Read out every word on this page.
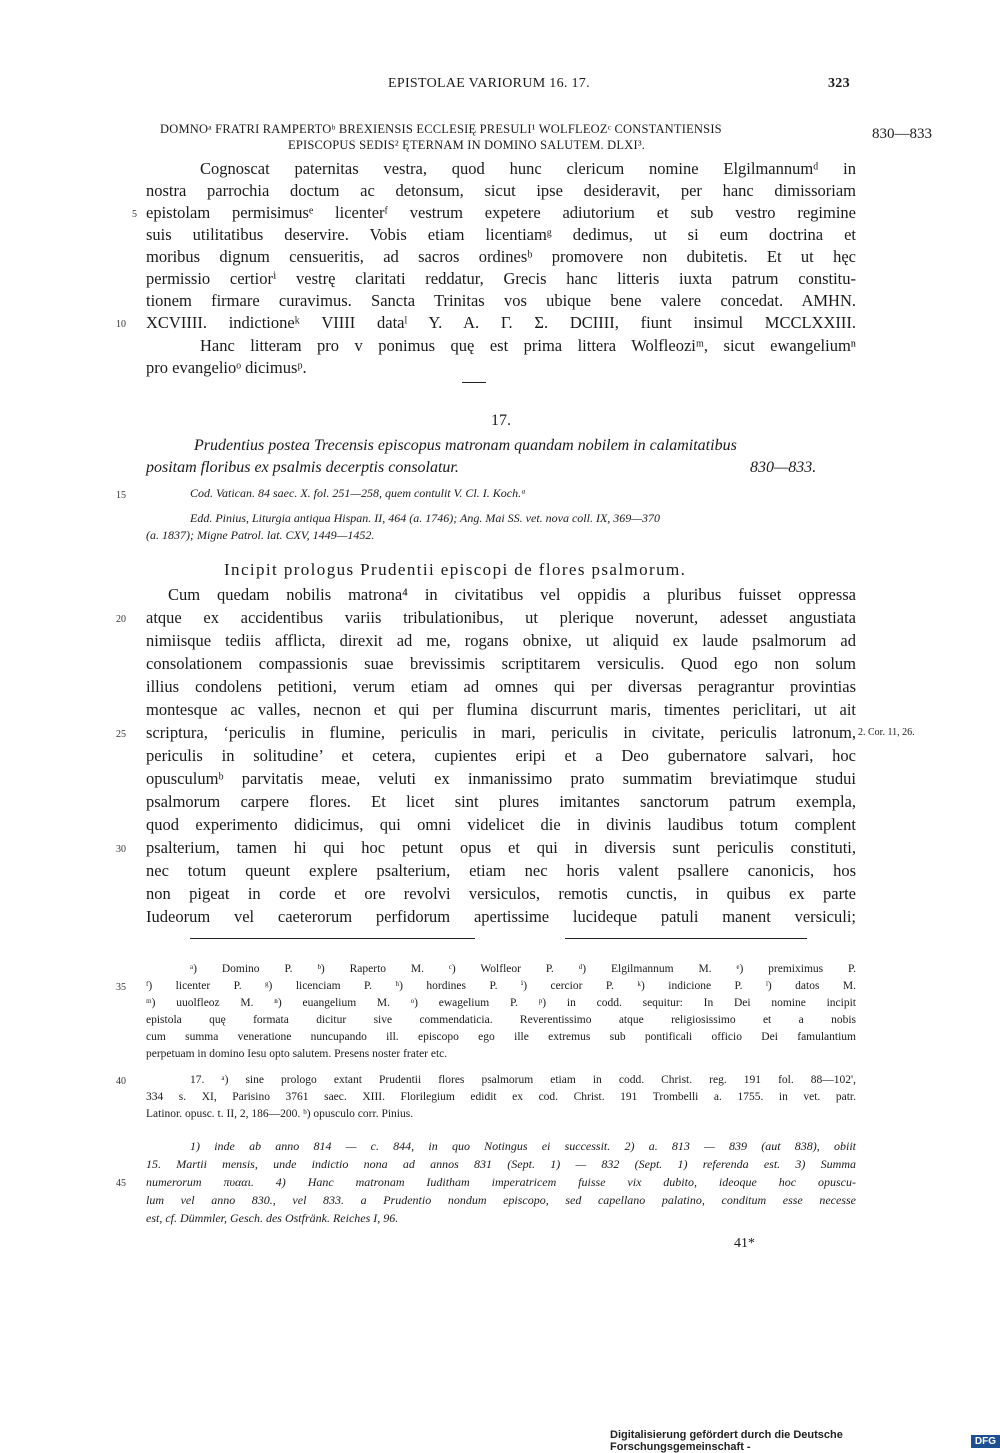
EPISTOLAE VARIORUM 16. 17.	323
DOMNOᵃ FRATRI RAMPERTOᵇ BREXIENSIS ECCLESIĘ PRESULI¹ WOLFLEOZᶜ CONSTANTIENSIS
EPISCOPUS SEDIS² ĘTERNAM IN DOMINO SALUTEM. DLXI³.
830—833
Cognoscat paternitas vestra, quod hunc clericum nomine Elgilmannumᵈ in
nostra parrochia doctum ac detonsum, sicut ipse desideravit, per hanc dimissoriam
epistolam permisimusᵉ licenterᶠ vestrum expetere adiutorium et sub vestro regimine
suis utilitatibus deservire. Vobis etiam licentiamᵍ dedimus, ut si eum doctrina et
moribus dignum censueritis, ad sacros ordinesᵇ promovere non dubitetis. Et ut hęc
permissio certiorⁱ vestrę claritati reddatur, Grecis hanc litteris iuxta patrum constitu-
tionem firmare curavimus. Sancta Trinitas vos ubique bene valere concedat. AMHN.
XCVIIII. indictioneᵏ VIIII dataˡ Y. A. Γ. Σ. DCIIII, fiunt insimul MCCLXXIII.
Hanc litteram pro v ponimus quę est prima littera Wolfleoziᵐ, sicut ewangeliumⁿ
pro evangelioᵒ dicimusᵖ.
5
10
17.
Prudentius postea Trecensis episcopus matronam quandam nobilem in calamitatibus
positam floribus ex psalmis decerptis consolatur.	830—833.
Cod. Vatican. 84 saec. X. fol. 251—258, quem contulit V. Cl. I. Koch.ᵃ
Edd. Pinius, Liturgia antiqua Hispan. II, 464 (a. 1746); Ang. Mai SS. vet. nova coll. IX, 369—370
(a. 1837); Migne Patrol. lat. CXV, 1449—1452.
15
Incipit prologus Prudentii episcopi de flores psalmorum.
Cum quedam nobilis matrona⁴ in civitatibus vel oppidis a pluribus fuisset oppressa
atque ex accidentibus variis tribulationibus, ut plerique noverunt, adesset angustiata
nimiisque tediis afflicta, direxit ad me, rogans obnixe, ut aliquid ex laude psalmorum ad
consolationem compassionis suae brevissimis scriptitarem versiculis. Quod ego non solum
illius condolens petitioni, verum etiam ad omnes qui per diversas peragrantur provintias
montesque ac valles, necnon et qui per flumina discurrunt maris, timentes periclitari, ut ait
scriptura, ‘periculis in flumine, periculis in mari, periculis in civitate, periculis latronum,
periculis in solitudine’ et cetera, cupientes eripi et a Deo gubernatore salvari, hoc
opusculumᵇ parvitatis meae, veluti ex inmanissimo prato summatim breviatimque studui
psalmorum carpere flores. Et licet sint plures imitantes sanctorum patrum exempla,
quod experimento didicimus, qui omni videlicet die in divinis laudibus totum complent
psalterium, tamen hi qui hoc petunt opus et qui in diversis sunt periculis constituti,
nec totum queunt explere psalterium, etiam nec horis valent psallere canonicis, hos
non pigeat in corde et ore revolvi versiculos, remotis cunctis, in quibus ex parte
Iudeorum vel caeterorum perfidorum apertissime lucideque patuli manent versiculi;
20
25
30
2. Cor. 11, 26.
ᵃ) Domino P. ᵇ) Raperto M. ᶜ) Wolfleor P. ᵈ) Elgilmannum M. ᵉ) premiximus P.
ᶠ) licenter P. ᵍ) licenciam P. ʰ) hordines P. ⁱ) cercior P. ᵏ) indicione P. ˡ) datos M.
ᵐ) uuolfleoz M. ⁿ) euangelium M. ᵒ) ewagelium P. ᵖ) in codd. sequitur: In Dei nomine incipit
epistola quę formata dicitur sive commendaticia. Reverentissimo atque religiosissimo et a nobis
cum summa veneratione nuncupando ill. episcopo ego ille extremus sub pontificali officio Dei famulantium
perpetuam in domino Iesu opto salutem. Presens noster frater etc.
17. ᵃ) sine prologo extant Prudentii flores psalmorum etiam in codd. Christ. reg. 191 fol. 88—102',
334 s. XI, Parisino 3761 saec. XIII. Florilegium edidit ex cod. Christ. 191 Trombelli a. 1755. in vet. patr.
Latinor. opusc. t. II, 2, 186—200. ᵇ) opusculo corr. Pinius.
35
40
1) inde ab anno 814 — c. 844, in quo Notingus ei successit. 2) a. 813 — 839 (aut 838), obiit
15. Martii mensis, unde indictio nona ad annos 831 (Sept. 1) — 832 (Sept. 1) referenda est. 3) Summa
numerorum πυααι. 4) Hanc matronam Iuditham imperatricem fuisse vix dubito, ideoque hoc opuscu-
lum vel anno 830., vel 833. a Prudentio nondum episcopo, sed capellano palatino, conditum esse necesse
est, cf. Dümmler, Gesch. des Ostfränk. Reiches I, 96.
45
41*
Digitalisierung gefördert durch die Deutsche Forschungsgemeinschaft -	DFG
